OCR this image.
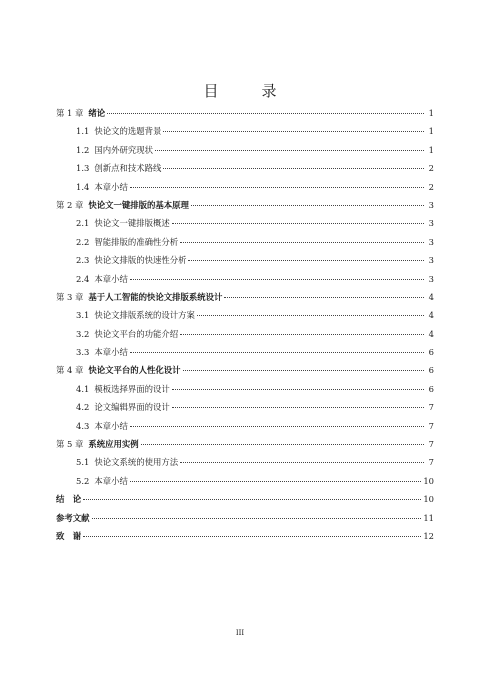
目　录
第 1 章 绪论	1
1.1 快论文的选题背景	1
1.2 国内外研究现状	1
1.3 创新点和技术路线	2
1.4 本章小结	2
第 2 章 快论文一键排版的基本原理	3
2.1 快论文一键排版概述	3
2.2 智能排版的准确性分析	3
2.3 快论文排版的快速性分析	3
2.4 本章小结	3
第 3 章 基于人工智能的快论文排版系统设计	4
3.1 快论文排版系统的设计方案	4
3.2 快论文平台的功能介绍	4
3.3 本章小结	6
第 4 章 快论文平台的人性化设计	6
4.1 模板选择界面的设计	6
4.2 论文编辑界面的设计	7
4.3 本章小结	7
第 5 章 系统应用实例	7
5.1 快论文系统的使用方法	7
5.2 本章小结	10
结　论	10
参考文献	11
致　谢	12
III
